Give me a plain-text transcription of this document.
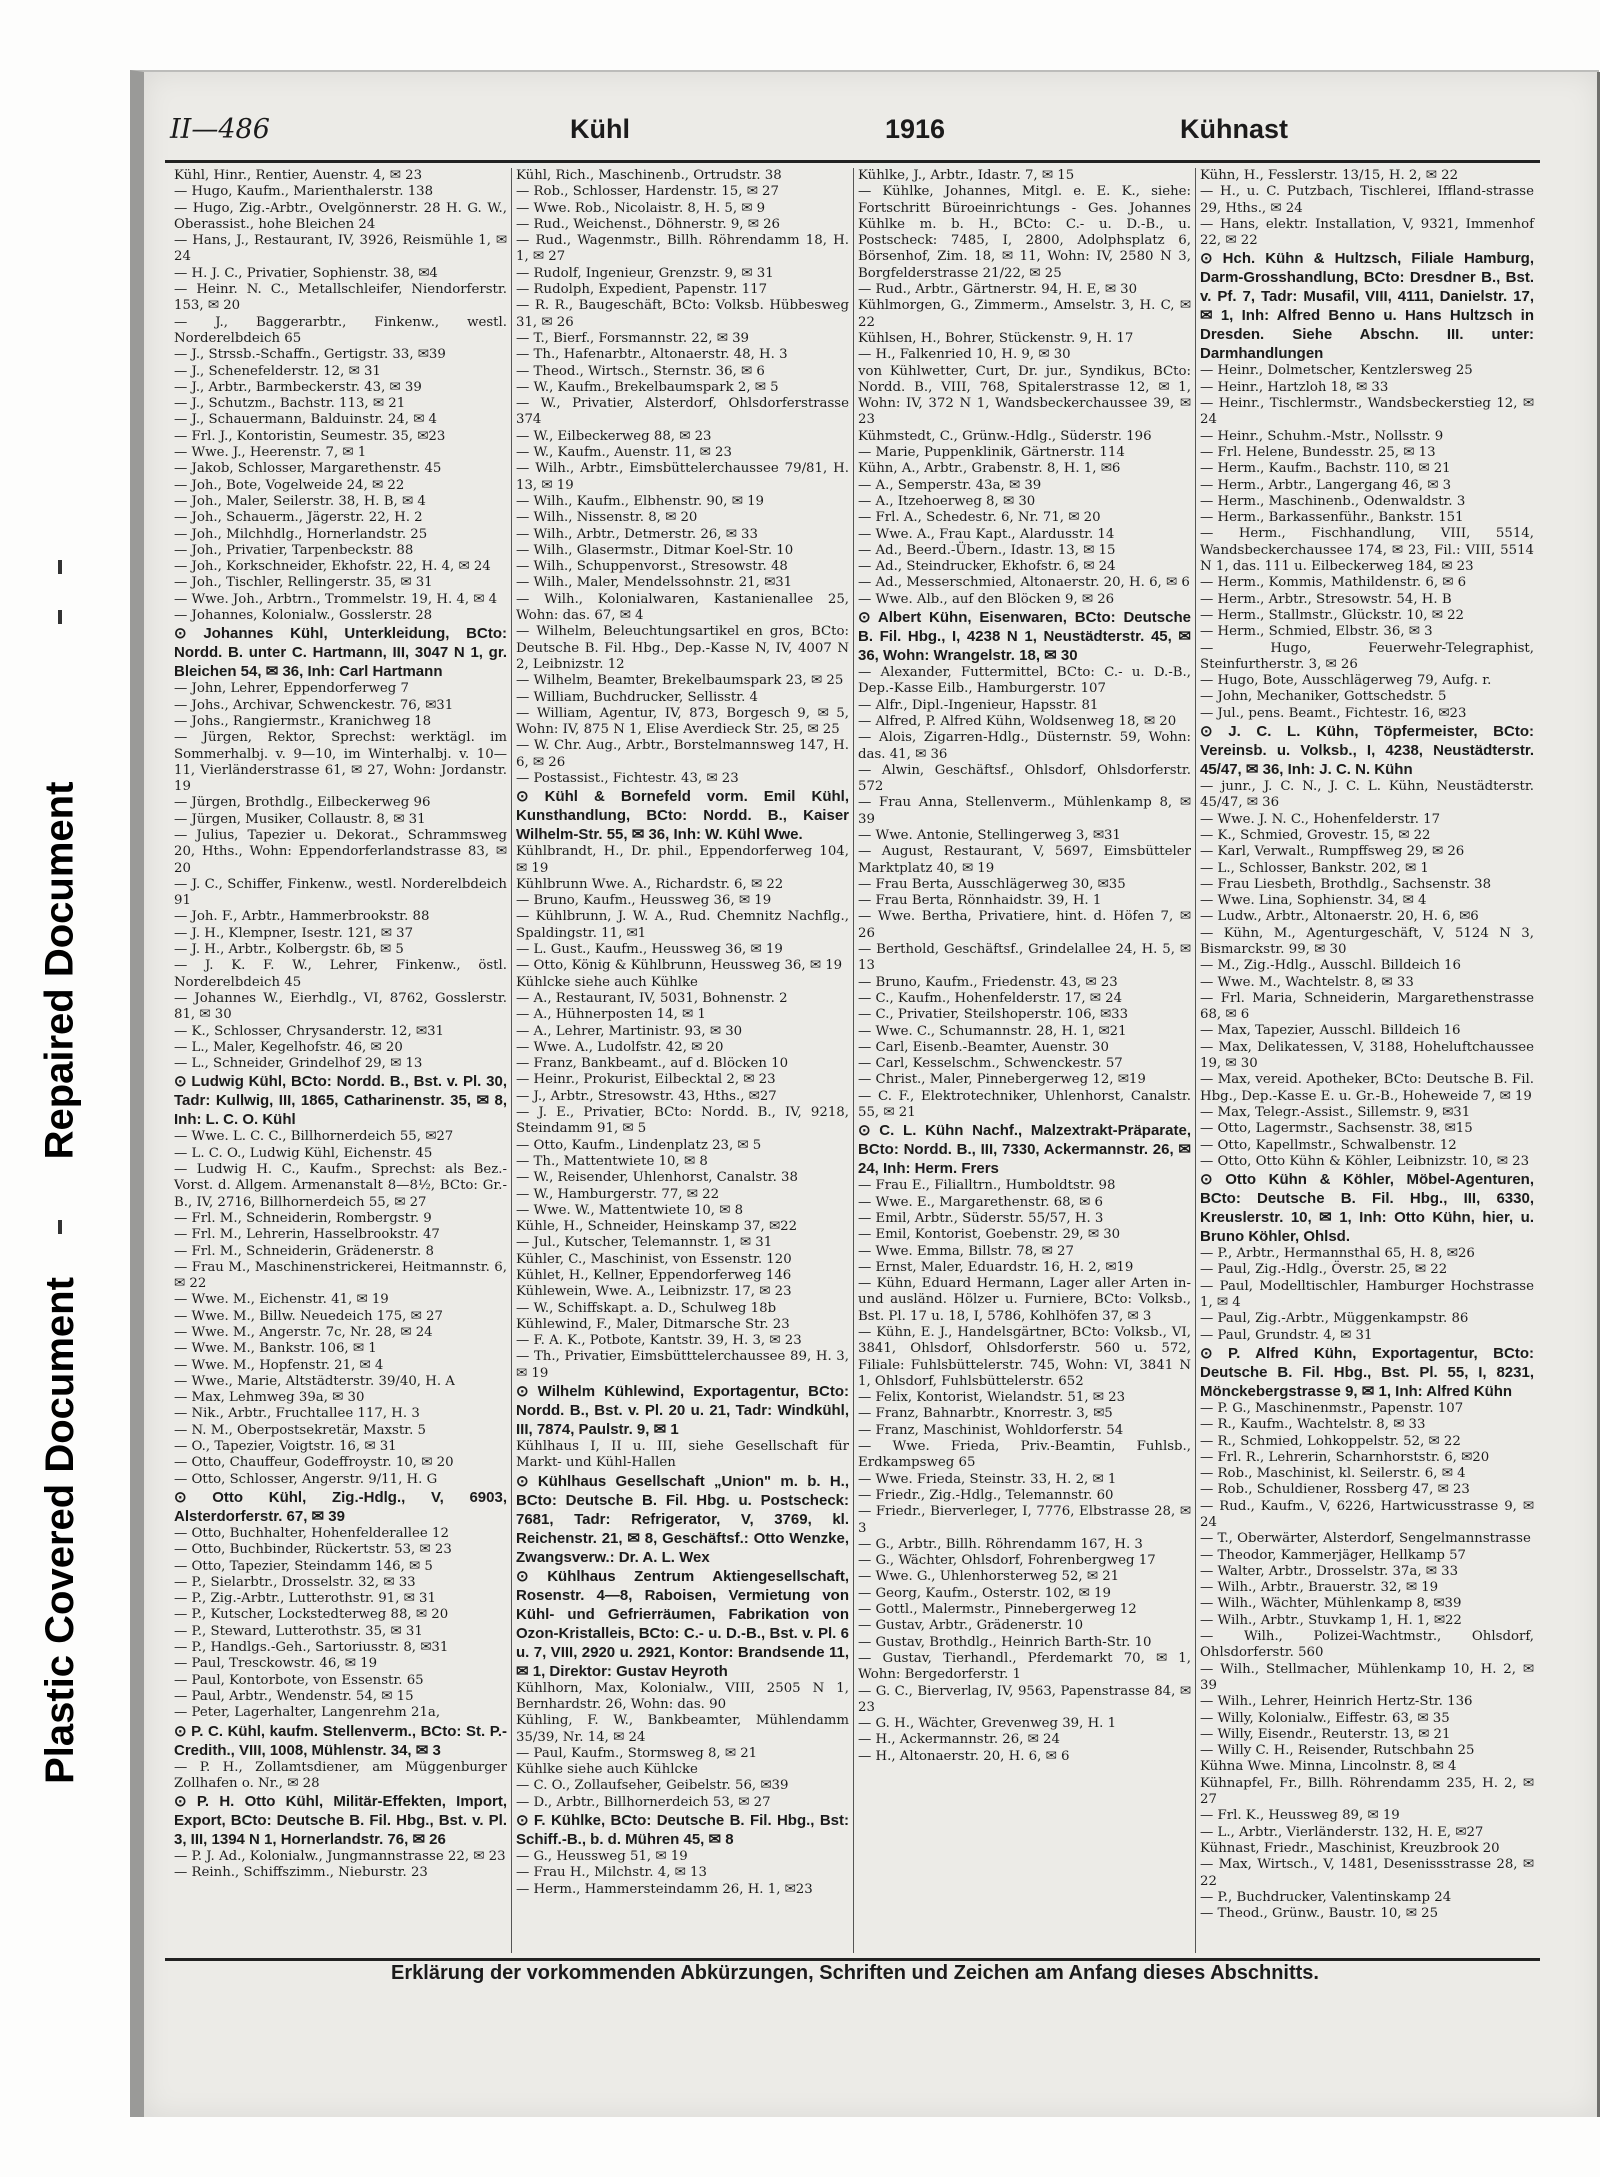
Repaired Document
Plastic Covered Document
II—486	Kühl	1916	Kühnast

Kühl, Hinr., Rentier, Auenstr. 4, ✉ 23

— Hugo, Kaufm., Marienthalerstr. 138

— Hugo, Zig.-Arbtr., Ovelgönnerstr. 28 H. G. W., Oberassist., hohe Bleichen 24

— Hans, J., Restaurant, IV, 3926, Reismühle 1, ✉ 24

— H. J. C., Privatier, Sophienstr. 38, ✉4

— Heinr. N. C., Metallschleifer, Niendorferstr. 153, ✉ 20

— J., Baggerarbtr., Finkenw., westl. Norderelbdeich 65

— J., Strssb.-Schaffn., Gertigstr. 33, ✉39

— J., Schenefelderstr. 12, ✉ 31

— J., Arbtr., Barmbeckerstr. 43, ✉ 39

— J., Schutzm., Bachstr. 113, ✉ 21

— J., Schauermann, Balduinstr. 24, ✉ 4

— Frl. J., Kontoristin, Seumestr. 35, ✉23

— Wwe. J., Heerenstr. 7, ✉ 1

— Jakob, Schlosser, Margarethenstr. 45

— Joh., Bote, Vogelweide 24, ✉ 22

— Joh., Maler, Seilerstr. 38, H. B, ✉ 4

— Joh., Schauerm., Jägerstr. 22, H. 2

— Joh., Milchhdlg., Hornerlandstr. 25

— Joh., Privatier, Tarpenbeckstr. 88

— Joh., Korkschneider, Ekhofstr. 22, H. 4, ✉ 24

— Joh., Tischler, Rellingerstr. 35, ✉ 31

— Wwe. Joh., Arbtrn., Trommelstr. 19, H. 4, ✉ 4

— Johannes, Kolonialw., Gosslerstr. 28

⊙ Johannes Kühl, Unterkleidung, BCto: Nordd. B. unter C. Hartmann, III, 3047 N 1, gr. Bleichen 54, ✉ 36, Inh: Carl Hartmann

— John, Lehrer, Eppendorferweg 7

— Johs., Archivar, Schwenckestr. 76, ✉31

— Johs., Rangiermstr., Kranichweg 18

— Jürgen, Rektor, Sprechst: werktägl. im Sommerhalbj. v. 9—10, im Winterhalbj. v. 10—11, Vierländerstrasse 61, ✉ 27, Wohn: Jordanstr. 19

— Jürgen, Brothdlg., Eilbeckerweg 96

— Jürgen, Musiker, Collaustr. 8, ✉ 31

— Julius, Tapezier u. Dekorat., Schrammsweg 20, Hths., Wohn: Eppendorferlandstrasse 83, ✉ 20

— J. C., Schiffer, Finkenw., westl. Norderelbdeich 91

— Joh. F., Arbtr., Hammerbrookstr. 88

— J. H., Klempner, Isestr. 121, ✉ 37

— J. H., Arbtr., Kolbergstr. 6b, ✉ 5

— J. K. F. W., Lehrer, Finkenw., östl. Norderelbdeich 45

— Johannes W., Eierhdlg., VI, 8762, Gosslerstr. 81, ✉ 30

— K., Schlosser, Chrysanderstr. 12, ✉31

— L., Maler, Kegelhofstr. 46, ✉ 20

— L., Schneider, Grindelhof 29, ✉ 13

⊙ Ludwig Kühl, BCto: Nordd. B., Bst. v. Pl. 30, Tadr: Kullwig, III, 1865, Catharinenstr. 35, ✉ 8, Inh: L. C. O. Kühl

— Wwe. L. C. C., Billhornerdeich 55, ✉27

— L. C. O., Ludwig Kühl, Eichenstr. 45

— Ludwig H. C., Kaufm., Sprechst: als Bez.-Vorst. d. Allgem. Armenanstalt 8—8½, BCto: Gr.-B., IV, 2716, Billhornerdeich 55, ✉ 27

— Frl. M., Schneiderin, Rombergstr. 9

— Frl. M., Lehrerin, Hasselbrookstr. 47

— Frl. M., Schneiderin, Grädenerstr. 8

— Frau M., Maschinenstrickerei, Heitmannstr. 6, ✉ 22

— Wwe. M., Eichenstr. 41, ✉ 19

— Wwe. M., Billw. Neuedeich 175, ✉ 27

— Wwe. M., Angerstr. 7c, Nr. 28, ✉ 24

— Wwe. M., Bankstr. 106, ✉ 1

— Wwe. M., Hopfenstr. 21, ✉ 4

— Wwe., Marie, Altstädterstr. 39/40, H. A

— Max, Lehmweg 39a, ✉ 30

— Nik., Arbtr., Fruchtallee 117, H. 3

— N. M., Oberpostsekretär, Maxstr. 5

— O., Tapezier, Voigtstr. 16, ✉ 31

— Otto, Chauffeur, Godeffroystr. 10, ✉ 20

— Otto, Schlosser, Angerstr. 9/11, H. G

⊙ Otto Kühl, Zig.-Hdlg., V, 6903, Alsterdorferstr. 67, ✉ 39

— Otto, Buchhalter, Hohenfelderallee 12

— Otto, Buchbinder, Rückertstr. 53, ✉ 23

— Otto, Tapezier, Steindamm 146, ✉ 5

— P., Sielarbtr., Drosselstr. 32, ✉ 33

— P., Zig.-Arbtr., Lutterothstr. 91, ✉ 31

— P., Kutscher, Lockstedterweg 88, ✉ 20

— P., Steward, Lutterothstr. 35, ✉ 31

— P., Handlgs.-Geh., Sartoriusstr. 8, ✉31

— Paul, Tresckowstr. 46, ✉ 19

— Paul, Kontorbote, von Essenstr. 65

— Paul, Arbtr., Wendenstr. 54, ✉ 15

— Peter, Lagerhalter, Langenrehm 21a,

⊙ P. C. Kühl, kaufm. Stellenverm., BCto: St. P.-Credith., VIII, 1008, Mühlenstr. 34, ✉ 3

— P. H., Zollamtsdiener, am Müggenburger Zollhafen o. Nr., ✉ 28

⊙ P. H. Otto Kühl, Militär-Effekten, Import, Export, BCto: Deutsche B. Fil. Hbg., Bst. v. Pl. 3, III, 1394 N 1, Hornerlandstr. 76, ✉ 26

— P. J. Ad., Kolonialw., Jungmannstrasse 22, ✉ 23

— Reinh., Schiffszimm., Nieburstr. 23

Kühl, Rich., Maschinenb., Ortrudstr. 38

— Rob., Schlosser, Hardenstr. 15, ✉ 27

— Wwe. Rob., Nicolaistr. 8, H. 5, ✉ 9

— Rud., Weichenst., Döhnerstr. 9, ✉ 26

— Rud., Wagenmstr., Billh. Röhrendamm 18, H. 1, ✉ 27

— Rudolf, Ingenieur, Grenzstr. 9, ✉ 31

— Rudolph, Expedient, Papenstr. 117

— R. R., Baugeschäft, BCto: Volksb. Hübbesweg 31, ✉ 26

— T., Bierf., Forsmannstr. 22, ✉ 39

— Th., Hafenarbtr., Altonaerstr. 48, H. 3

— Theod., Wirtsch., Sternstr. 36, ✉ 6

— W., Kaufm., Brekelbaumspark 2, ✉ 5

— W., Privatier, Alsterdorf, Ohlsdorferstrasse 374

— W., Eilbeckerweg 88, ✉ 23

— W., Kaufm., Auenstr. 11, ✉ 23

— Wilh., Arbtr., Eimsbüttelerchaussee 79/81, H. 13, ✉ 19

— Wilh., Kaufm., Elbhenstr. 90, ✉ 19

— Wilh., Nissenstr. 8, ✉ 20

— Wilh., Arbtr., Detmerstr. 26, ✉ 33

— Wilh., Glasermstr., Ditmar Koel-Str. 10

— Wilh., Schuppenvorst., Stresowstr. 48

— Wilh., Maler, Mendelssohnstr. 21, ✉31

— Wilh., Kolonialwaren, Kastanienallee 25, Wohn: das. 67, ✉ 4

— Wilhelm, Beleuchtungsartikel en gros, BCto: Deutsche B. Fil. Hbg., Dep.-Kasse N, IV, 4007 N 2, Leibnizstr. 12

— Wilhelm, Beamter, Brekelbaumspark 23, ✉ 25

— William, Buchdrucker, Sellisstr. 4

— William, Agentur, IV, 873, Borgesch 9, ✉ 5, Wohn: IV, 875 N 1, Elise Averdieck Str. 25, ✉ 25

— W. Chr. Aug., Arbtr., Borstelmannsweg 147, H. 6, ✉ 26

— Postassist., Fichtestr. 43, ✉ 23

⊙ Kühl & Bornefeld vorm. Emil Kühl, Kunsthandlung, BCto: Nordd. B., Kaiser Wilhelm-Str. 55, ✉ 36, Inh: W. Kühl Wwe.

Kühlbrandt, H., Dr. phil., Eppendorferweg 104, ✉ 19

Kühlbrunn Wwe. A., Richardstr. 6, ✉ 22

— Bruno, Kaufm., Heussweg 36, ✉ 19

— Kühlbrunn, J. W. A., Rud. Chemnitz Nachflg., Spaldingstr. 11, ✉1

— L. Gust., Kaufm., Heussweg 36, ✉ 19

— Otto, König & Kühlbrunn, Heussweg 36, ✉ 19

Kühlcke siehe auch Kühlke

— A., Restaurant, IV, 5031, Bohnenstr. 2

— A., Hühnerposten 14, ✉ 1

— A., Lehrer, Martinistr. 93, ✉ 30

— Wwe. A., Ludolfstr. 42, ✉ 20

— Franz, Bankbeamt., auf d. Blöcken 10

— Heinr., Prokurist, Eilbecktal 2, ✉ 23

— J., Arbtr., Stresowstr. 43, Hths., ✉27

— J. E., Privatier, BCto: Nordd. B., IV, 9218, Steindamm 91, ✉ 5

— Otto, Kaufm., Lindenplatz 23, ✉ 5

— Th., Mattentwiete 10, ✉ 8

— W., Reisender, Uhlenhorst, Canalstr. 38

— W., Hamburgerstr. 77, ✉ 22

— Wwe. W., Mattentwiete 10, ✉ 8

Kühle, H., Schneider, Heinskamp 37, ✉22

— Jul., Kutscher, Telemannstr. 1, ✉ 31

Kühler, C., Maschinist, von Essenstr. 120

Kühlet, H., Kellner, Eppendorferweg 146

Kühlewein, Wwe. A., Leibnizstr. 17, ✉ 23

— W., Schiffskapt. a. D., Schulweg 18b

Kühlewind, F., Maler, Ditmarsche Str. 23

— F. A. K., Potbote, Kantstr. 39, H. 3, ✉ 23

— Th., Privatier, Eimsbütttelerchaussee 89, H. 3, ✉ 19

⊙ Wilhelm Kühlewind, Exportagentur, BCto: Nordd. B., Bst. v. Pl. 20 u. 21, Tadr: Windkühl, III, 7874, Paulstr. 9, ✉ 1

Kühlhaus I, II u. III, siehe Gesellschaft für Markt- und Kühl-Hallen

⊙ Kühlhaus Gesellschaft „Union" m. b. H., BCto: Deutsche B. Fil. Hbg. u. Postscheck: 7681, Tadr: Refrigerator, V, 3769, kl. Reichenstr. 21, ✉ 8, Geschäftsf.: Otto Wenzke, Zwangsverw.: Dr. A. L. Wex

⊙ Kühlhaus Zentrum Aktiengesellschaft, Rosenstr. 4—8, Raboisen, Vermietung von Kühl- und Gefrierräumen, Fabrikation von Ozon-Kristalleis, BCto: C.- u. D.-B., Bst. v. Pl. 6 u. 7, VIII, 2920 u. 2921, Kontor: Brandsende 11, ✉ 1, Direktor: Gustav Heyroth

Kühlhorn, Max, Kolonialw., VIII, 2505 N 1, Bernhardstr. 26, Wohn: das. 90

Kühling, F. W., Bankbeamter, Mühlendamm 35/39, Nr. 14, ✉ 24

— Paul, Kaufm., Stormsweg 8, ✉ 21

Kühlke siehe auch Kühlcke

— C. O., Zollaufseher, Geibelstr. 56, ✉39

— D., Arbtr., Billhornerdeich 53, ✉ 27

⊙ F. Kühlke, BCto: Deutsche B. Fil. Hbg., Bst: Schiff.-B., b. d. Mühren 45, ✉ 8

— G., Heussweg 51, ✉ 19

— Frau H., Milchstr. 4, ✉ 13

— Herm., Hammersteindamm 26, H. 1, ✉23

Kühlke, J., Arbtr., Idastr. 7, ✉ 15

— Kühlke, Johannes, Mitgl. e. E. K., siehe: Fortschritt Büroeinrichtungs - Ges. Johannes Kühlke m. b. H., BCto: C.- u. D.-B., u. Postscheck: 7485, I, 2800, Adolphsplatz 6, Börsenhof, Zim. 18, ✉ 11, Wohn: IV, 2580 N 3, Borgfelderstrasse 21/22, ✉ 25

— Rud., Arbtr., Gärtnerstr. 94, H. E, ✉ 30

Kühlmorgen, G., Zimmerm., Amselstr. 3, H. C, ✉ 22

Kühlsen, H., Bohrer, Stückenstr. 9, H. 17

— H., Falkenried 10, H. 9, ✉ 30

von Kühlwetter, Curt, Dr. jur., Syndikus, BCto: Nordd. B., VIII, 768, Spitalerstrasse 12, ✉ 1, Wohn: IV, 372 N 1, Wandsbeckerchaussee 39, ✉ 23

Kühmstedt, C., Grünw.-Hdlg., Süderstr. 196

— Marie, Puppenklinik, Gärtnerstr. 114

Kühn, A., Arbtr., Grabenstr. 8, H. 1, ✉6

— A., Semperstr. 43a, ✉ 39

— A., Itzehoerweg 8, ✉ 30

— Frl. A., Schedestr. 6, Nr. 71, ✉ 20

— Wwe. A., Frau Kapt., Alardusstr. 14

— Ad., Beerd.-Übern., Idastr. 13, ✉ 15

— Ad., Steindrucker, Ekhofstr. 6, ✉ 24

— Ad., Messerschmied, Altonaerstr. 20, H. 6, ✉ 6

— Wwe. Alb., auf den Blöcken 9, ✉ 26

⊙ Albert Kühn, Eisenwaren, BCto: Deutsche B. Fil. Hbg., I, 4238 N 1, Neustädterstr. 45, ✉ 36, Wohn: Wrangelstr. 18, ✉ 30

— Alexander, Futtermittel, BCto: C.- u. D.-B., Dep.-Kasse Eilb., Hamburgerstr. 107

— Alfr., Dipl.-Ingenieur, Hapsstr. 81

— Alfred, P. Alfred Kühn, Woldsenweg 18, ✉ 20

— Alois, Zigarren-Hdlg., Düsternstr. 59, Wohn: das. 41, ✉ 36

— Alwin, Geschäftsf., Ohlsdorf, Ohlsdorferstr. 572

— Frau Anna, Stellenverm., Mühlenkamp 8, ✉ 39

— Wwe. Antonie, Stellingerweg 3, ✉31

— August, Restaurant, V, 5697, Eimsbütteler Marktplatz 40, ✉ 19

— Frau Berta, Ausschlägerweg 30, ✉35

— Frau Berta, Rönnhaidstr. 39, H. 1

— Wwe. Bertha, Privatiere, hint. d. Höfen 7, ✉ 26

— Berthold, Geschäftsf., Grindelallee 24, H. 5, ✉ 13

— Bruno, Kaufm., Friedenstr. 43, ✉ 23

— C., Kaufm., Hohenfelderstr. 17, ✉ 24

— C., Privatier, Steilshoperstr. 106, ✉33

— Wwe. C., Schumannstr. 28, H. 1, ✉21

— Carl, Eisenb.-Beamter, Auenstr. 30

— Carl, Kesselschm., Schwenckestr. 57

— Christ., Maler, Pinnebergerweg 12, ✉19

— C. F., Elektrotechniker, Uhlenhorst, Canalstr. 55, ✉ 21

⊙ C. L. Kühn Nachf., Malzextrakt-Präparate, BCto: Nordd. B., III, 7330, Ackermannstr. 26, ✉ 24, Inh: Herm. Frers

— Frau E., Filialltrn., Humboldtstr. 98

— Wwe. E., Margarethenstr. 68, ✉ 6

— Emil, Arbtr., Süderstr. 55/57, H. 3

— Emil, Kontorist, Goebenstr. 29, ✉ 30

— Wwe. Emma, Billstr. 78, ✉ 27

— Ernst, Maler, Eduardstr. 16, H. 2, ✉19

— Kühn, Eduard Hermann, Lager aller Arten in- und ausländ. Hölzer u. Furniere, BCto: Volksb., Bst. Pl. 17 u. 18, I, 5786, Kohlhöfen 37, ✉ 3

— Kühn, E. J., Handelsgärtner, BCto: Volksb., VI, 3841, Ohlsdorf, Ohlsdorferstr. 560 u. 572, Filiale: Fuhlsbüttelerstr. 745, Wohn: VI, 3841 N 1, Ohlsdorf, Fuhlsbüttelerstr. 652

— Felix, Kontorist, Wielandstr. 51, ✉ 23

— Franz, Bahnarbtr., Knorrestr. 3, ✉5

— Franz, Maschinist, Wohldorferstr. 54

— Wwe. Frieda, Priv.-Beamtin, Fuhlsb., Erdkampsweg 65

— Wwe. Frieda, Steinstr. 33, H. 2, ✉ 1

— Friedr., Zig.-Hdlg., Telemannstr. 60

— Friedr., Bierverleger, I, 7776, Elbstrasse 28, ✉ 3

— G., Arbtr., Billh. Röhrendamm 167, H. 3

— G., Wächter, Ohlsdorf, Fohrenbergweg 17

— Wwe. G., Uhlenhorsterweg 52, ✉ 21

— Georg, Kaufm., Osterstr. 102, ✉ 19

— Gottl., Malermstr., Pinnebergerweg 12

— Gustav, Arbtr., Grädenerstr. 10

— Gustav, Brothdlg., Heinrich Barth-Str. 10

— Gustav, Tierhandl., Pferdemarkt 70, ✉ 1, Wohn: Bergedorferstr. 1

— G. C., Bierverlag, IV, 9563, Papenstrasse 84, ✉ 23

— G. H., Wächter, Grevenweg 39, H. 1

— H., Ackermannstr. 26, ✉ 24

— H., Altonaerstr. 20, H. 6, ✉ 6

Kühn, H., Fesslerstr. 13/15, H. 2, ✉ 22

— H., u. C. Putzbach, Tischlerei, Iffland-strasse 29, Hths., ✉ 24

— Hans, elektr. Installation, V, 9321, Immenhof 22, ✉ 22

⊙ Hch. Kühn & Hultzsch, Filiale Hamburg, Darm-Grosshandlung, BCto: Dresdner B., Bst. v. Pf. 7, Tadr: Musafil, VIII, 4111, Danielstr. 17, ✉ 1, Inh: Alfred Benno u. Hans Hultzsch in Dresden. Siehe Abschn. III. unter: Darmhandlungen

— Heinr., Dolmetscher, Kentzlersweg 25

— Heinr., Hartzloh 18, ✉ 33

— Heinr., Tischlermstr., Wandsbeckerstieg 12, ✉ 24

— Heinr., Schuhm.-Mstr., Nollsstr. 9

— Frl. Helene, Bundesstr. 25, ✉ 13

— Herm., Kaufm., Bachstr. 110, ✉ 21

— Herm., Arbtr., Langergang 46, ✉ 3

— Herm., Maschinenb., Odenwaldstr. 3

— Herm., Barkassenführ., Bankstr. 151

— Herm., Fischhandlung, VIII, 5514, Wandsbeckerchaussee 174, ✉ 23, Fil.: VIII, 5514 N 1, das. 111 u. Eilbeckerweg 184, ✉ 23

— Herm., Kommis, Mathildenstr. 6, ✉ 6

— Herm., Arbtr., Stresowstr. 54, H. B

— Herm., Stallmstr., Glückstr. 10, ✉ 22

— Herm., Schmied, Elbstr. 36, ✉ 3

— Hugo, Feuerwehr-Telegraphist, Steinfurtherstr. 3, ✉ 26

— Hugo, Bote, Ausschlägerweg 79, Aufg. r.

— John, Mechaniker, Gottschedstr. 5

— Jul., pens. Beamt., Fichtestr. 16, ✉23

⊙ J. C. L. Kühn, Töpfermeister, BCto: Vereinsb. u. Volksb., I, 4238, Neustädterstr. 45/47, ✉ 36, Inh: J. C. N. Kühn

— junr., J. C. N., J. C. L. Kühn, Neustädterstr. 45/47, ✉ 36

— Wwe. J. N. C., Hohenfelderstr. 17

— K., Schmied, Grovestr. 15, ✉ 22

— Karl, Verwalt., Rumpffsweg 29, ✉ 26

— L., Schlosser, Bankstr. 202, ✉ 1

— Frau Liesbeth, Brothdlg., Sachsenstr. 38

— Wwe. Lina, Sophienstr. 34, ✉ 4

— Ludw., Arbtr., Altonaerstr. 20, H. 6, ✉6

— Kühn, M., Agenturgeschäft, V, 5124 N 3, Bismarckstr. 99, ✉ 30

— M., Zig.-Hdlg., Ausschl. Billdeich 16

— Wwe. M., Wachtelstr. 8, ✉ 33

— Frl. Maria, Schneiderin, Margarethenstrasse 68, ✉ 6

— Max, Tapezier, Ausschl. Billdeich 16

— Max, Delikatessen, V, 3188, Hoheluftchaussee 19, ✉ 30

— Max, vereid. Apotheker, BCto: Deutsche B. Fil. Hbg., Dep.-Kasse E. u. Gr.-B., Hoheweide 7, ✉ 19

— Max, Telegr.-Assist., Sillemstr. 9, ✉31

— Otto, Lagermstr., Sachsenstr. 38, ✉15

— Otto, Kapellmstr., Schwalbenstr. 12

— Otto, Otto Kühn & Köhler, Leibnizstr. 10, ✉ 23

⊙ Otto Kühn & Köhler, Möbel-Agenturen, BCto: Deutsche B. Fil. Hbg., III, 6330, Kreuslerstr. 10, ✉ 1, Inh: Otto Kühn, hier, u. Bruno Köhler, Ohlsd.

— P., Arbtr., Hermannsthal 65, H. 8, ✉26

— Paul, Zig.-Hdlg., Överstr. 25, ✉ 22

— Paul, Modelltischler, Hamburger Hochstrasse 1, ✉ 4

— Paul, Zig.-Arbtr., Müggenkampstr. 86

— Paul, Grundstr. 4, ✉ 31

⊙ P. Alfred Kühn, Exportagentur, BCto: Deutsche B. Fil. Hbg., Bst. Pl. 55, I, 8231, Mönckebergstrasse 9, ✉ 1, Inh: Alfred Kühn

— P. G., Maschinenmstr., Papenstr. 107

— R., Kaufm., Wachtelstr. 8, ✉ 33

— R., Schmied, Lohkoppelstr. 52, ✉ 22

— Frl. R., Lehrerin, Scharnhorststr. 6, ✉20

— Rob., Maschinist, kl. Seilerstr. 6, ✉ 4

— Rob., Schuldiener, Rossberg 47, ✉ 23

— Rud., Kaufm., V, 6226, Hartwicusstrasse 9, ✉ 24

— T., Oberwärter, Alsterdorf, Sengelmannstrasse

— Theodor, Kammerjäger, Hellkamp 57

— Walter, Arbtr., Drosselstr. 37a, ✉ 33

— Wilh., Arbtr., Brauerstr. 32, ✉ 19

— Wilh., Wächter, Mühlenkamp 8, ✉39

— Wilh., Arbtr., Stuvkamp 1, H. 1, ✉22

— Wilh., Polizei-Wachtmstr., Ohlsdorf, Ohlsdorferstr. 560

— Wilh., Stellmacher, Mühlenkamp 10, H. 2, ✉ 39

— Wilh., Lehrer, Heinrich Hertz-Str. 136

— Willy, Kolonialw., Eiffestr. 63, ✉ 35

— Willy, Eisendr., Reuterstr. 13, ✉ 21

— Willy C. H., Reisender, Rutschbahn 25

Kühna Wwe. Minna, Lincolnstr. 8, ✉ 4

Kühnapfel, Fr., Billh. Röhrendamm 235, H. 2, ✉ 27

— Frl. K., Heussweg 89, ✉ 19

— L., Arbtr., Vierländerstr. 132, H. E, ✉27

Kühnast, Friedr., Maschinist, Kreuzbrook 20

— Max, Wirtsch., V, 1481, Desenissstrasse 28, ✉ 22

— P., Buchdrucker, Valentinskamp 24

— Theod., Grünw., Baustr. 10, ✉ 25

Erklärung der vorkommenden Abkürzungen, Schriften und Zeichen am Anfang dieses Abschnitts.
